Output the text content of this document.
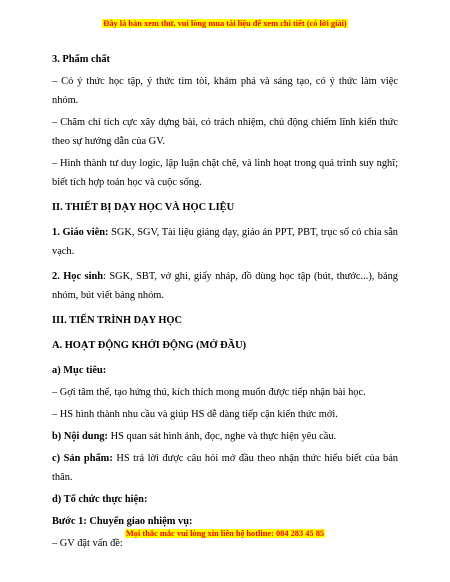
Đây là bản xem thử, vui lòng mua tài liệu để xem chi tiết (có lời giải)

3. Phẩm chất

– Có ý thức học tập, ý thức tìm tòi, khám phá và sáng tạo, có ý thức làm việc nhóm.

– Chăm chỉ tích cực xây dựng bài, có trách nhiệm, chủ động chiếm lĩnh kiến thức theo sự hướng dẫn của GV.

– Hình thành tư duy logic, lập luận chặt chẽ, và linh hoạt trong quá trình suy nghĩ; biết tích hợp toán học và cuộc sống.

II. THIẾT BỊ DẠY HỌC VÀ HỌC LIỆU

1. Giáo viên: SGK, SGV, Tài liệu giảng dạy, giáo án PPT, PBT, trục số có chia sẵn vạch.

2. Học sinh: SGK, SBT, vở ghi, giấy nháp, đồ dùng học tập (bút, thước...), bảng nhóm, bút viết bảng nhóm.

III. TIẾN TRÌNH DẠY HỌC

A. HOẠT ĐỘNG KHỞI ĐỘNG (MỞ ĐẦU)

a) Mục tiêu:

– Gợi tâm thế, tạo hứng thú, kích thích mong muốn được tiếp nhận bài học.

– HS hình thành nhu cầu và giúp HS dễ dàng tiếp cận kiến thức mới.

b) Nội dung: HS quan sát hình ảnh, đọc, nghe và thực hiện yêu cầu.

c) Sản phẩm: HS trả lời được câu hỏi mở đầu theo nhận thức hiểu biết của bản thân.

d) Tổ chức thực hiện:

Bước 1: Chuyển giao nhiệm vụ:

– GV đặt vấn đề:

Mọi thắc mắc vui lòng xin liên hệ hotline: 084 283 45 85
